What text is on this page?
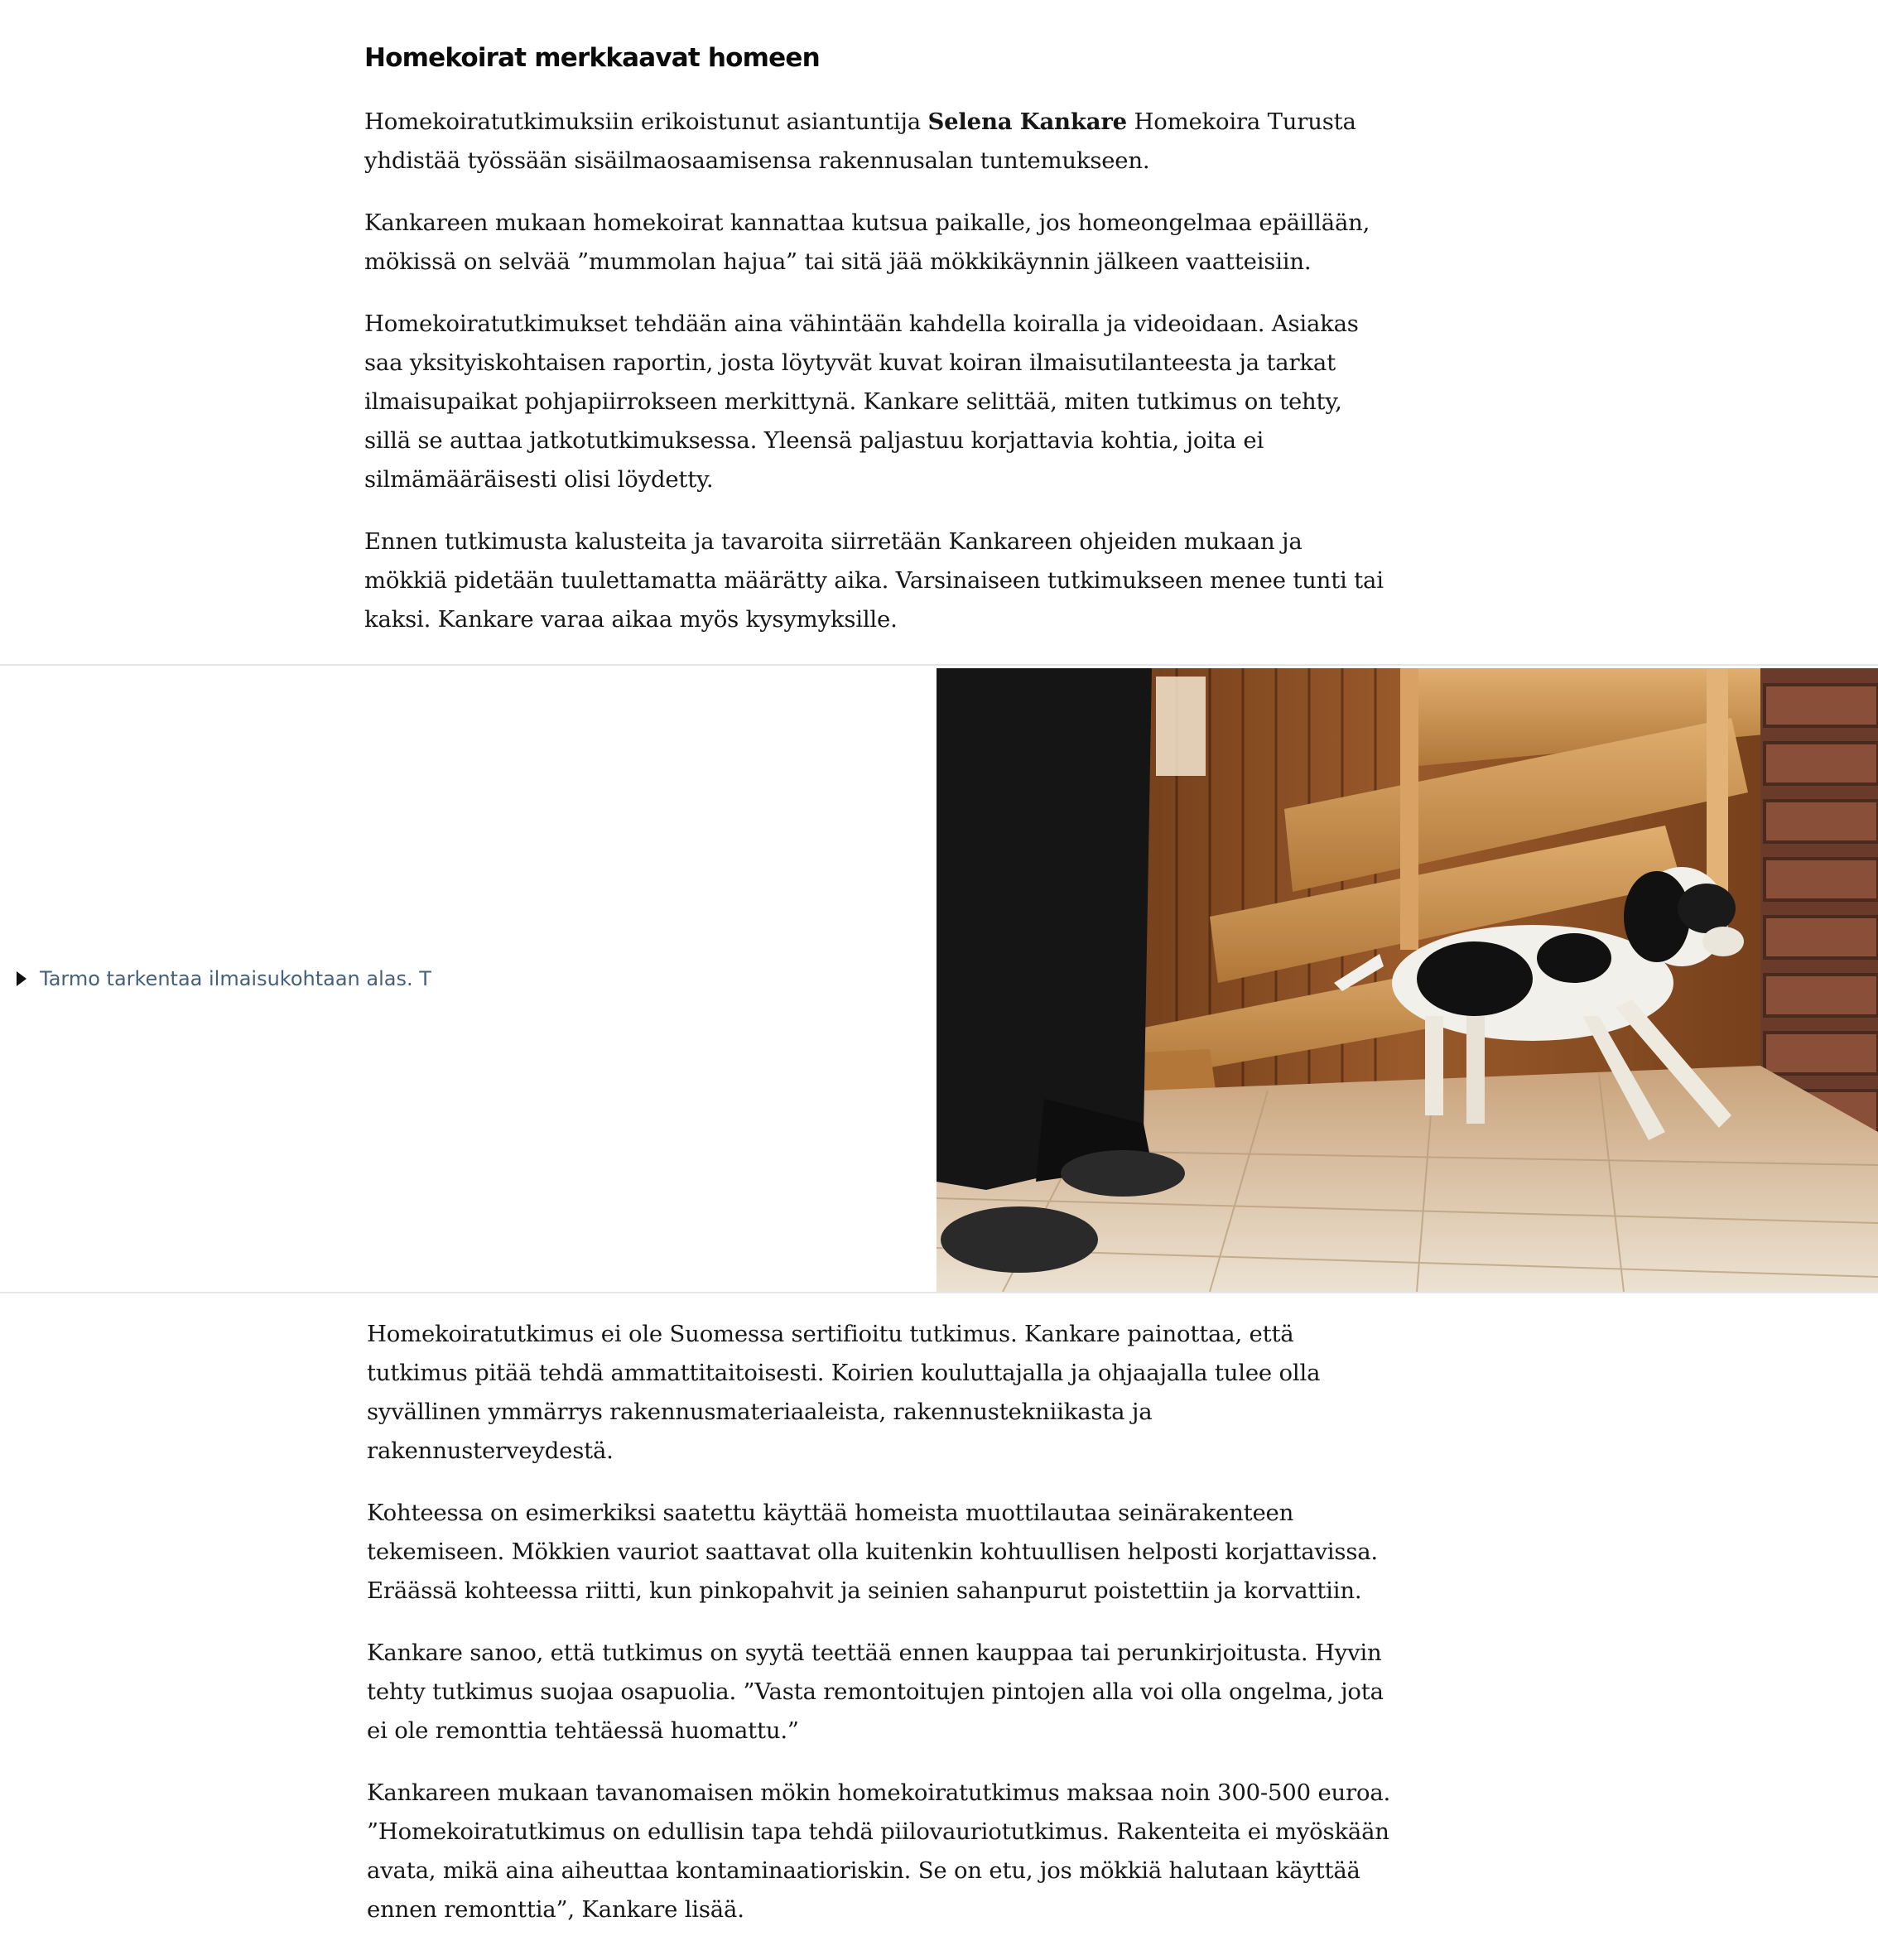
Homekoirat merkkaavat homeen

Homekoiratutkimuksiin erikoistunut asiantuntija Selena Kankare Homekoira Turusta yhdistää työssään sisäilmaosaamisensa rakennusalan tuntemukseen.

Kankareen mukaan homekoirat kannattaa kutsua paikalle, jos homeongelmaa epäillään, mökissä on selvää ”mummolan hajua” tai sitä jää mökkikäynnin jälkeen vaatteisiin.

Homekoiratutkimukset tehdään aina vähintään kahdella koiralla ja videoidaan. Asiakas saa yksityiskohtaisen raportin, josta löytyvät kuvat koiran ilmaisutilanteesta ja tarkat ilmaisupaikat pohjapiirrokseen merkittynä. Kankare selittää, miten tutkimus on tehty, sillä se auttaa jatkotutkimuksessa. Yleensä paljastuu korjattavia kohtia, joita ei silmämääräisesti olisi löydetty.

Ennen tutkimusta kalusteita ja tavaroita siirretään Kankareen ohjeiden mukaan ja mökkiä pidetään tuulettamatta määrätty aika. Varsinaiseen tutkimukseen menee tunti tai kaksi. Kankare varaa aikaa myös kysymyksille.

Tarmo tarkentaa ilmaisukohtaan alas. T

Homekoiratutkimus ei ole Suomessa sertifioitu tutkimus. Kankare painottaa, että tutkimus pitää tehdä ammattitaitoisesti. Koirien kouluttajalla ja ohjaajalla tulee olla syvällinen ymmärrys rakennusmateriaaleista, rakennustekniikasta ja rakennusterveydestä.

Kohteessa on esimerkiksi saatettu käyttää homeista muottilautaa seinärakenteen tekemiseen. Mökkien vauriot saattavat olla kuitenkin kohtuullisen helposti korjattavissa. Eräässä kohteessa riitti, kun pinkopahvit ja seinien sahanpurut poistettiin ja korvattiin.

Kankare sanoo, että tutkimus on syytä teettää ennen kauppaa tai perunkirjoitusta. Hyvin tehty tutkimus suojaa osapuolia. ”Vasta remontoitujen pintojen alla voi olla ongelma, jota ei ole remonttia tehtäessä huomattu.”

Kankareen mukaan tavanomaisen mökin homekoiratutkimus maksaa noin 300-500 euroa. ”Homekoiratutkimus on edullisin tapa tehdä piilovauriotutkimus. Rakenteita ei myöskään avata, mikä aina aiheuttaa kontaminaatioriskin. Se on etu, jos mökkiä halutaan käyttää ennen remonttia”, Kankare lisää.
